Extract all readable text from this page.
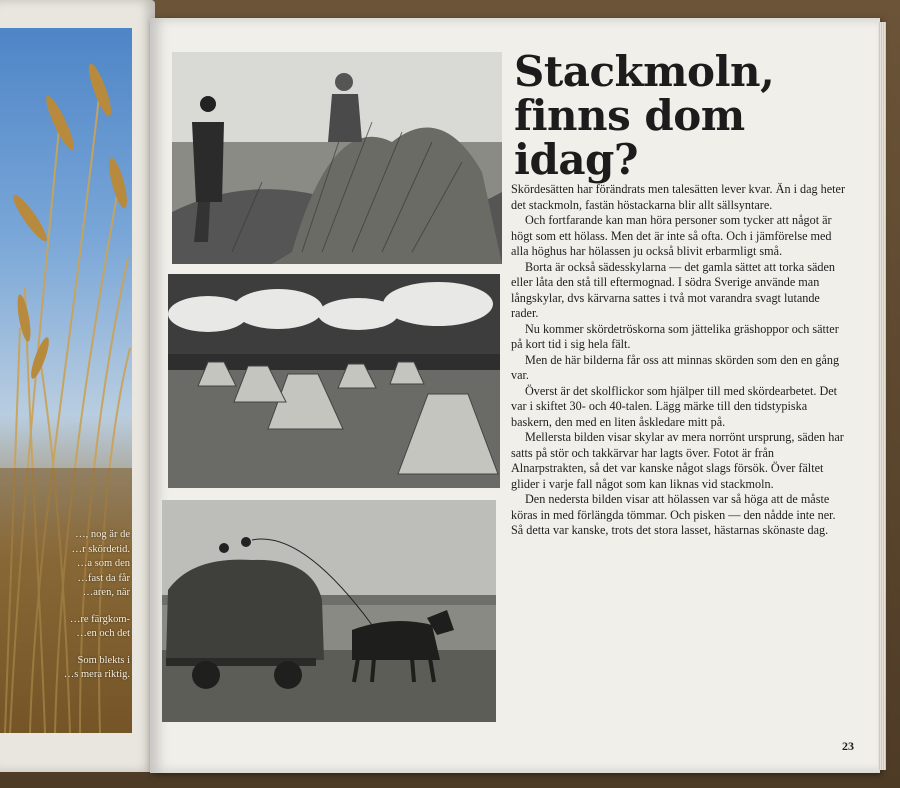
…, nog är de
…r skördetid.
…a som den
…fast da får
…aren, när

…re färgkom-
…en och det

Som blekts i
…s mera riktig.

Stackmoln, finns dom idag?

Skördesätten har förändrats men talesätten lever kvar. Än i dag heter det stackmoln, fastän höstackarna blir allt sällsyntare.

Och fortfarande kan man höra personer som tycker att något är högt som ett hölass. Men det är inte så ofta. Och i jämförelse med alla höghus har hölassen ju också blivit erbarmligt små.

Borta är också sädesskylarna — det gamla sättet att torka säden eller låta den stå till eftermognad. I södra Sverige använde man långskylar, dvs kärvarna sattes i två mot varandra svagt lutande rader.

Nu kommer skördetröskorna som jättelika gräshoppor och sätter på kort tid i sig hela fält.

Men de här bilderna får oss att minnas skörden som den en gång var.

Överst är det skolflickor som hjälper till med skördearbetet. Det var i skiftet 30- och 40-talen. Lägg märke till den tidstypiska baskern, den med en liten åskledare mitt på.

Mellersta bilden visar skylar av mera norrönt ursprung, säden har satts på stör och takkärvar har lagts över. Fotot är från Alnarpstrakten, så det var kanske något slags försök. Över fältet glider i varje fall något som kan liknas vid stackmoln.

Den nedersta bilden visar att hölassen var så höga att de måste köras in med förlängda tömmar. Och pisken — den nådde inte ner. Så detta var kanske, trots det stora lasset, hästarnas skönaste dag.

23
